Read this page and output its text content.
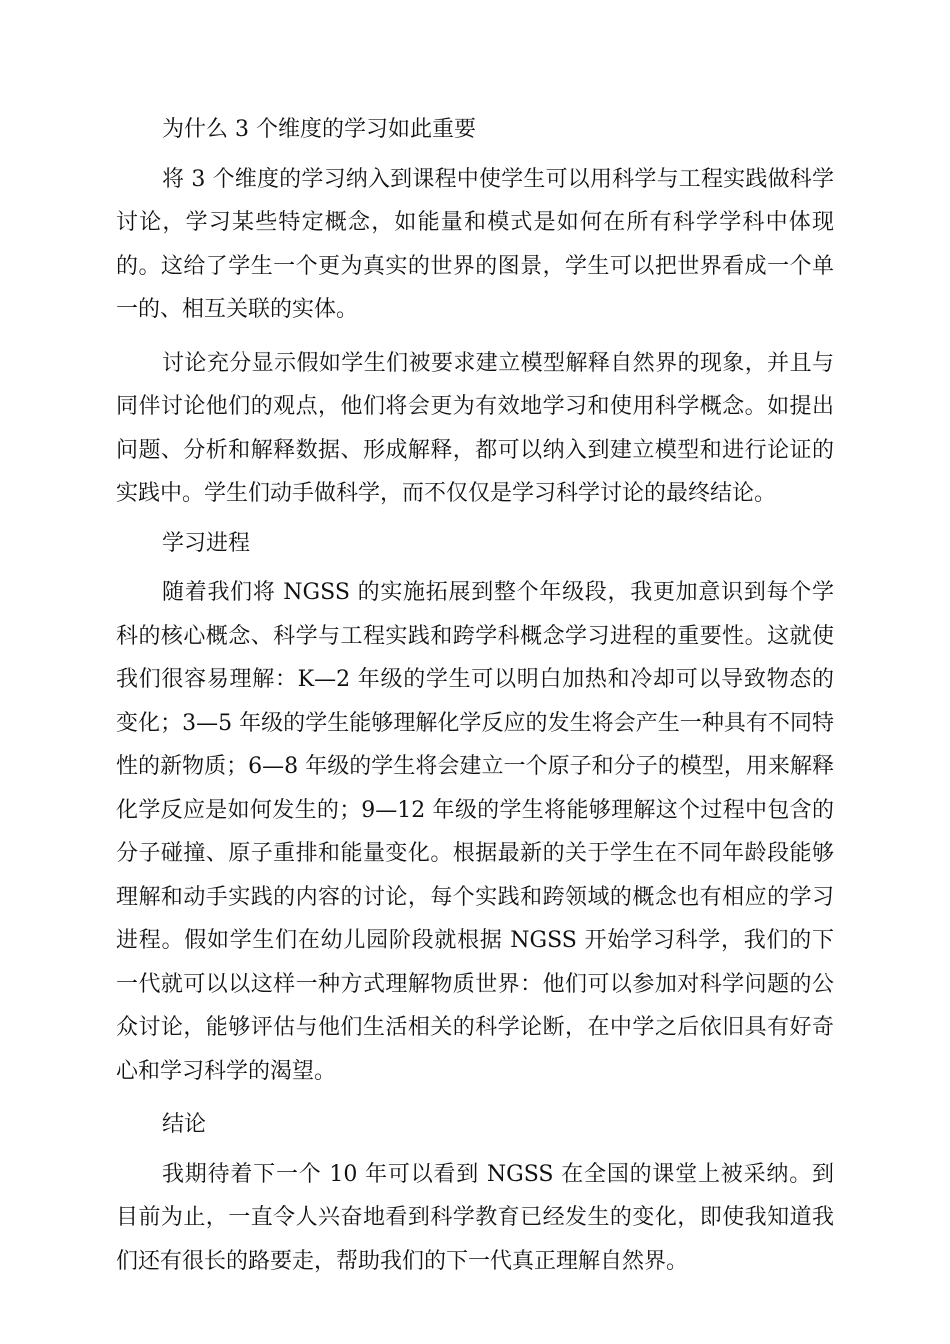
为什么 3 个维度的学习如此重要

将 3 个维度的学习纳入到课程中使学生可以用科学与工程实践做科学讨论，学习某些特定概念，如能量和模式是如何在所有科学学科中体现的。这给了学生一个更为真实的世界的图景，学生可以把世界看成一个单一的、相互关联的实体。

讨论充分显示假如学生们被要求建立模型解释自然界的现象，并且与同伴讨论他们的观点，他们将会更为有效地学习和使用科学概念。如提出问题、分析和解释数据、形成解释，都可以纳入到建立模型和进行论证的实践中。学生们动手做科学，而不仅仅是学习科学讨论的最终结论。

学习进程

随着我们将 NGSS 的实施拓展到整个年级段，我更加意识到每个学科的核心概念、科学与工程实践和跨学科概念学习进程的重要性。这就使我们很容易理解：K—2 年级的学生可以明白加热和冷却可以导致物态的变化；3—5 年级的学生能够理解化学反应的发生将会产生一种具有不同特性的新物质；6—8 年级的学生将会建立一个原子和分子的模型，用来解释化学反应是如何发生的；9—12 年级的学生将能够理解这个过程中包含的分子碰撞、原子重排和能量变化。根据最新的关于学生在不同年龄段能够理解和动手实践的内容的讨论，每个实践和跨领域的概念也有相应的学习进程。假如学生们在幼儿园阶段就根据 NGSS 开始学习科学，我们的下一代就可以以这样一种方式理解物质世界：他们可以参加对科学问题的公众讨论，能够评估与他们生活相关的科学论断，在中学之后依旧具有好奇心和学习科学的渴望。

结论

我期待着下一个 10 年可以看到 NGSS 在全国的课堂上被采纳。到目前为止，一直令人兴奋地看到科学教育已经发生的变化，即使我知道我们还有很长的路要走，帮助我们的下一代真正理解自然界。
